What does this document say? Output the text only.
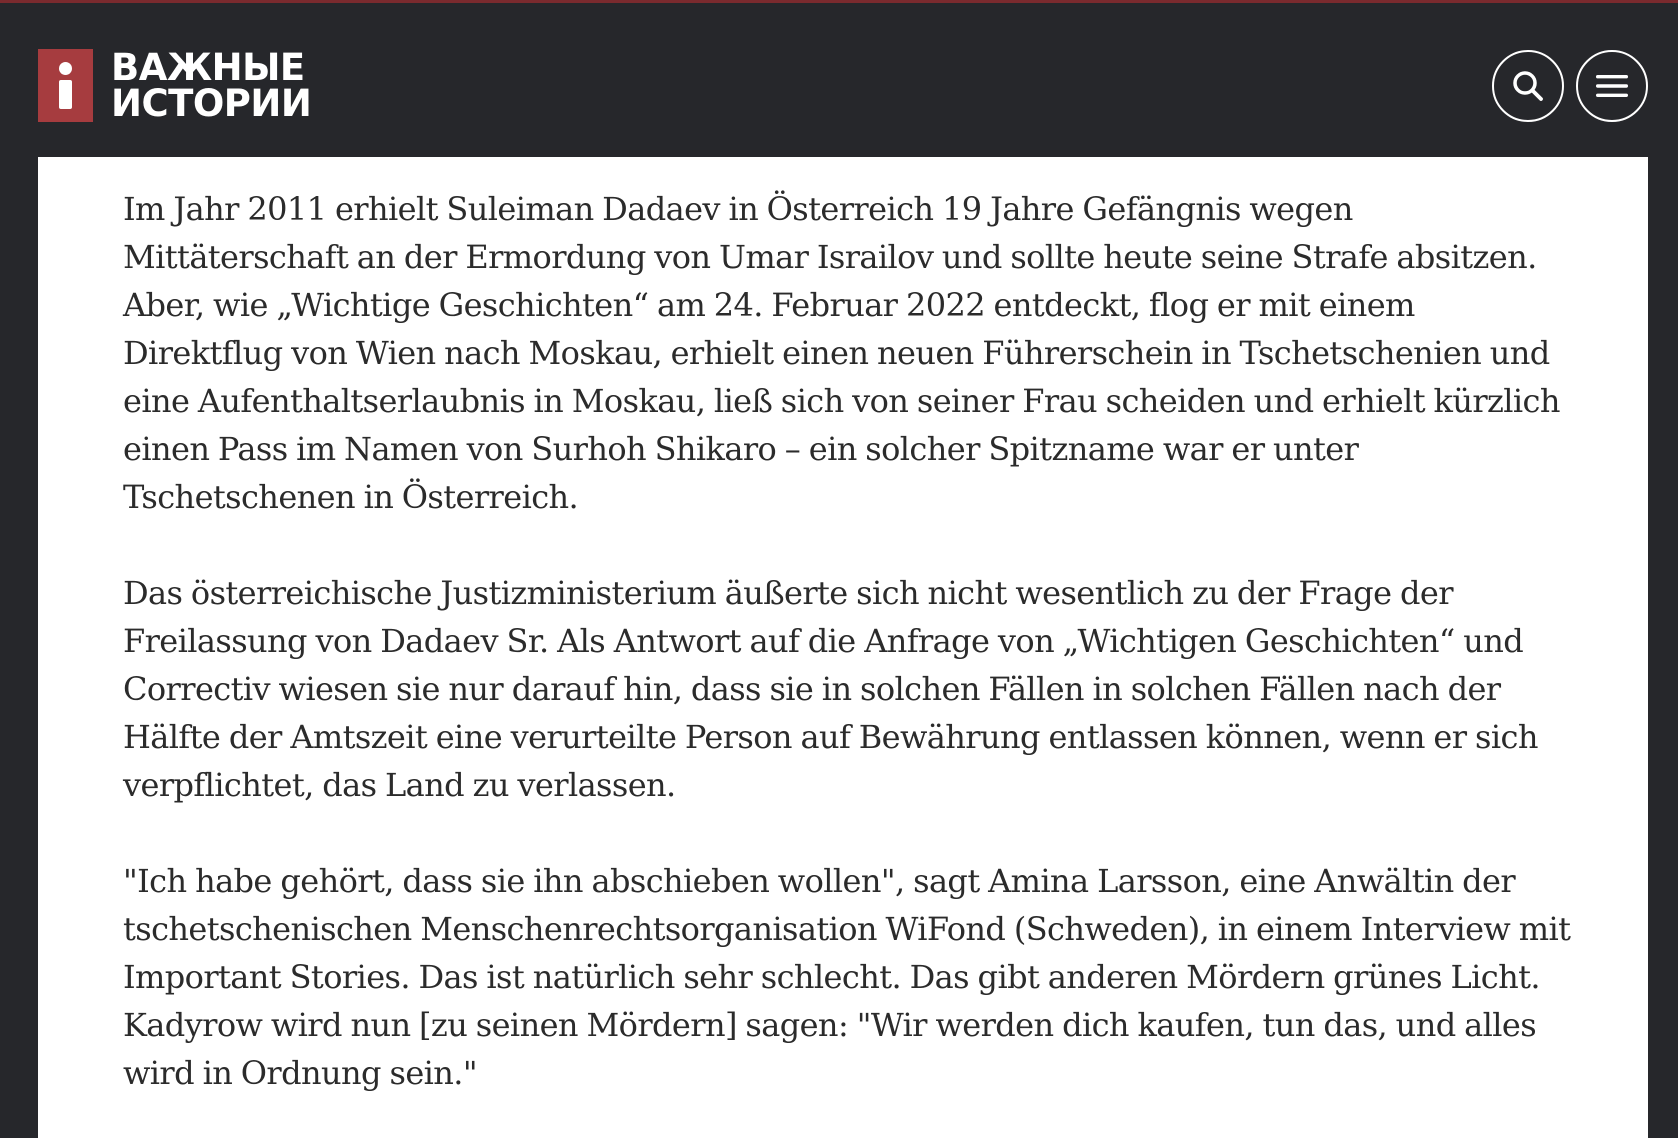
ВАЖНЫЕ
ИСТОРИИ

Im Jahr 2011 erhielt Suleiman Dadaev in Österreich 19 Jahre Gefängnis wegen Mittäterschaft an der Ermordung von Umar Israilov und sollte heute seine Strafe absitzen. Aber, wie „Wichtige Geschichten“ am 24. Februar 2022 entdeckt, flog er mit einem Direktflug von Wien nach Moskau, erhielt einen neuen Führerschein in Tschetschenien und eine Aufenthaltserlaubnis in Moskau, ließ sich von seiner Frau scheiden und erhielt kürzlich einen Pass im Namen von Surhoh Shikaro – ein solcher Spitzname war er unter Tschetschenen in Österreich.

Das österreichische Justizministerium äußerte sich nicht wesentlich zu der Frage der Freilassung von Dadaev Sr. Als Antwort auf die Anfrage von „Wichtigen Geschichten“ und Correctiv wiesen sie nur darauf hin, dass sie in solchen Fällen in solchen Fällen nach der Hälfte der Amtszeit eine verurteilte Person auf Bewährung entlassen können, wenn er sich verpflichtet, das Land zu verlassen.

"Ich habe gehört, dass sie ihn abschieben wollen", sagt Amina Larsson, eine Anwältin der tschetschenischen Menschenrechtsorganisation WiFond (Schweden), in einem Interview mit Important Stories. Das ist natürlich sehr schlecht. Das gibt anderen Mördern grünes Licht. Kadyrow wird nun [zu seinen Mördern] sagen: "Wir werden dich kaufen, tun das, und alles wird in Ordnung sein."
